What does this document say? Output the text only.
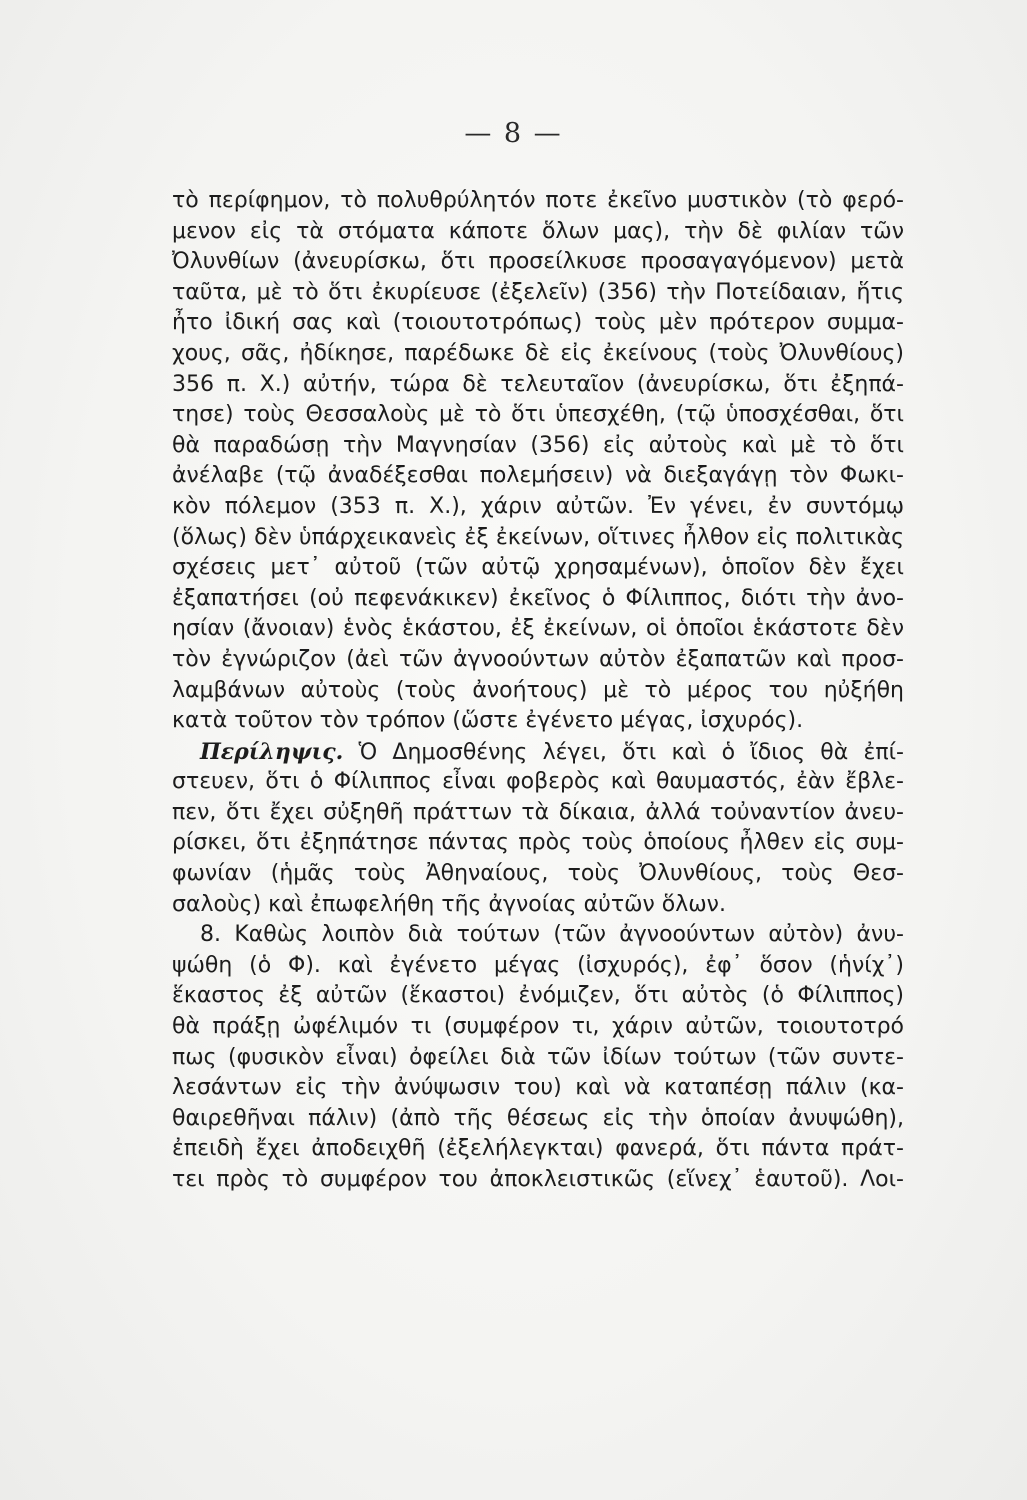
— 8 —
τὸ περίφημον, τὸ πολυθρύλητόν ποτε ἐκεῖνο μυστικὸν (τὸ φερό-
μενον εἰς τὰ στόματα κάποτε ὅλων μας), τὴν δὲ φιλίαν τῶν
Ὀλυνθίων (ἀνευρίσκω, ὅτι προσείλκυσε προσαγαγόμενον) μετὰ
ταῦτα, μὲ τὸ ὅτι ἐκυρίευσε (ἐξελεῖν) (356) τὴν Ποτείδαιαν, ἥτις
ἦτο ἰδική σας καὶ (τοιουτοτρόπως) τοὺς μὲν πρότερον συμμα-
χους, σᾶς, ἠδίκησε, παρέδωκε δὲ εἰς ἐκείνους (τοὺς Ὀλυνθίους)
356 π. Χ.) αὐτήν, τώρα δὲ τελευταῖον (ἀνευρίσκω, ὅτι ἐξηπά-
τησε) τοὺς Θεσσαλοὺς μὲ τὸ ὅτι ὑπεσχέθη, (τῷ ὑποσχέσθαι, ὅτι
θὰ παραδώσῃ τὴν Μαγνησίαν (356) εἰς αὐτοὺς καὶ μὲ τὸ ὅτι
ἀνέλαβε (τῷ ἀναδέξεσθαι πολεμήσειν) νὰ διεξαγάγῃ τὸν Φωκι-
κὸν πόλεμον (353 π. Χ.), χάριν αὐτῶν. Ἐν γένει, ἐν συντόμῳ
(ὅλως) δὲν ὑπάρχεικανεὶς ἐξ ἐκείνων, οἵτινες ἦλθον εἰς πολιτικὰς
σχέσεις μετ᾿ αὐτοῦ (τῶν αὐτῷ χρησαμένων), ὁποῖον δὲν ἔχει
ἐξαπατήσει (οὐ πεφενάκικεν) ἐκεῖνος ὁ Φίλιππος, διότι τὴν ἀνο-
ησίαν (ἄνοιαν) ἑνὸς ἑκάστου, ἐξ ἐκείνων, οἱ ὁποῖοι ἑκάστοτε δὲν
τὸν ἐγνώριζον (ἀεὶ τῶν ἀγνοούντων αὐτὸν ἐξαπατῶν καὶ προσ-
λαμβάνων αὐτοὺς (τοὺς ἀνοήτους) μὲ τὸ μέρος του ηὐξήθη
κατὰ τοῦτον τὸν τρόπον (ὥστε ἐγένετο μέγας, ἰσχυρός).
Περίληψις. Ὁ Δημοσθένης λέγει, ὅτι καὶ ὁ ἴδιος θὰ ἐπί-
στευεν, ὅτι ὁ Φίλιππος εἶναι φοβερὸς καὶ θαυμαστός, ἐὰν ἔβλε-
πεν, ὅτι ἔχει σὐξηθῆ πράττων τὰ δίκαια, ἀλλά τοὐναντίον ἀνευ-
ρίσκει, ὅτι ἐξηπάτησε πάντας πρὸς τοὺς ὁποίους ἦλθεν εἰς συμ-
φωνίαν (ἡμᾶς τοὺς Ἀθηναίους, τοὺς Ὀλυνθίους, τοὺς Θεσ-
σαλοὺς) καὶ ἐπωφελήθη τῆς ἀγνοίας αὐτῶν ὅλων.
8. Καθὼς λοιπὸν διὰ τούτων (τῶν ἀγνοούντων αὐτὸν) ἀνυ-
ψώθη (ὁ Φ). καὶ ἐγένετο μέγας (ἰσχυρός), ἐφ᾿ ὅσον (ἡνίχ᾿)
ἕκαστος ἐξ αὐτῶν (ἕκαστοι) ἐνόμιζεν, ὅτι αὐτὸς (ὁ Φίλιππος)
θὰ πράξῃ ὠφέλιμόν τι (συμφέρον τι, χάριν αὐτῶν, τοιουτοτρό
πως (φυσικὸν εἶναι) ὀφείλει διὰ τῶν ἰδίων τούτων (τῶν συντε-
λεσάντων εἰς τὴν ἀνύψωσιν του) καὶ νὰ καταπέσῃ πάλιν (κα-
θαιρεθῆναι πάλιν) (ἀπὸ τῆς θέσεως εἰς τὴν ὁποίαν ἀνυψώθη),
ἐπειδὴ ἔχει ἀποδειχθῆ (ἐξελήλεγκται) φανερά, ὅτι πάντα πράτ-
τει πρὸς τὸ συμφέρον του ἀποκλειστικῶς (εἵνεχ᾿ ἑαυτοῦ). Λοι-
